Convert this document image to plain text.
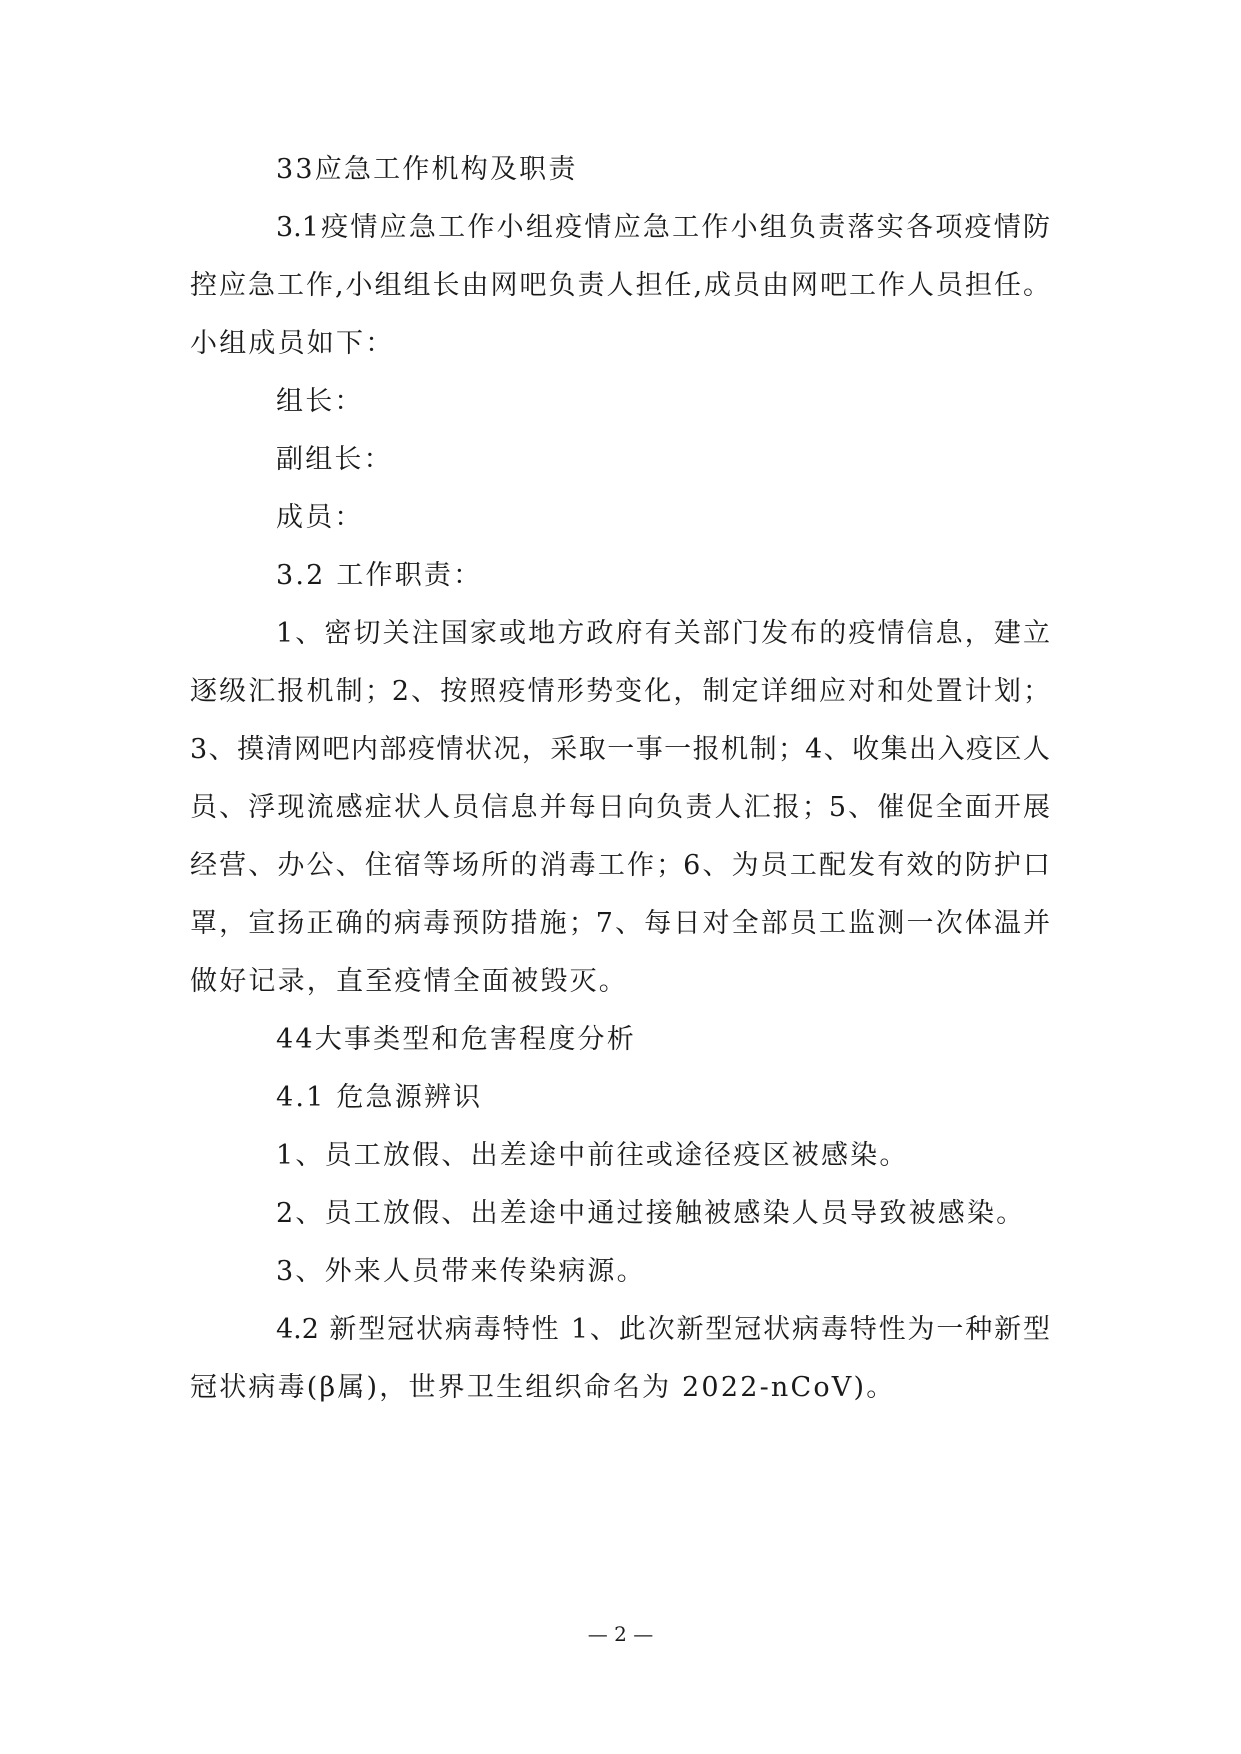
33应急工作机构及职责
3.1疫情应急工作小组疫情应急工作小组负责落实各项疫情防
控应急工作,小组组长由网吧负责人担任,成员由网吧工作人员担任。
小组成员如下：
组长：
副组长：
成员：
3.2 工作职责：
1、密切关注国家或地方政府有关部门发布的疫情信息，建立
逐级汇报机制；2、按照疫情形势变化，制定详细应对和处置计划；
3、摸清网吧内部疫情状况，采取一事一报机制；4、收集出入疫区人
员、浮现流感症状人员信息并每日向负责人汇报；5、催促全面开展
经营、办公、住宿等场所的消毒工作；6、为员工配发有效的防护口
罩，宣扬正确的病毒预防措施；7、每日对全部员工监测一次体温并
做好记录，直至疫情全面被毁灭。
44大事类型和危害程度分析
4.1 危急源辨识
1、员工放假、出差途中前往或途径疫区被感染。
2、员工放假、出差途中通过接触被感染人员导致被感染。
3、外来人员带来传染病源。
4.2 新型冠状病毒特性 1、此次新型冠状病毒特性为一种新型
冠状病毒(β属)，世界卫生组织命名为 2022-nCoV)。
— 2 —
